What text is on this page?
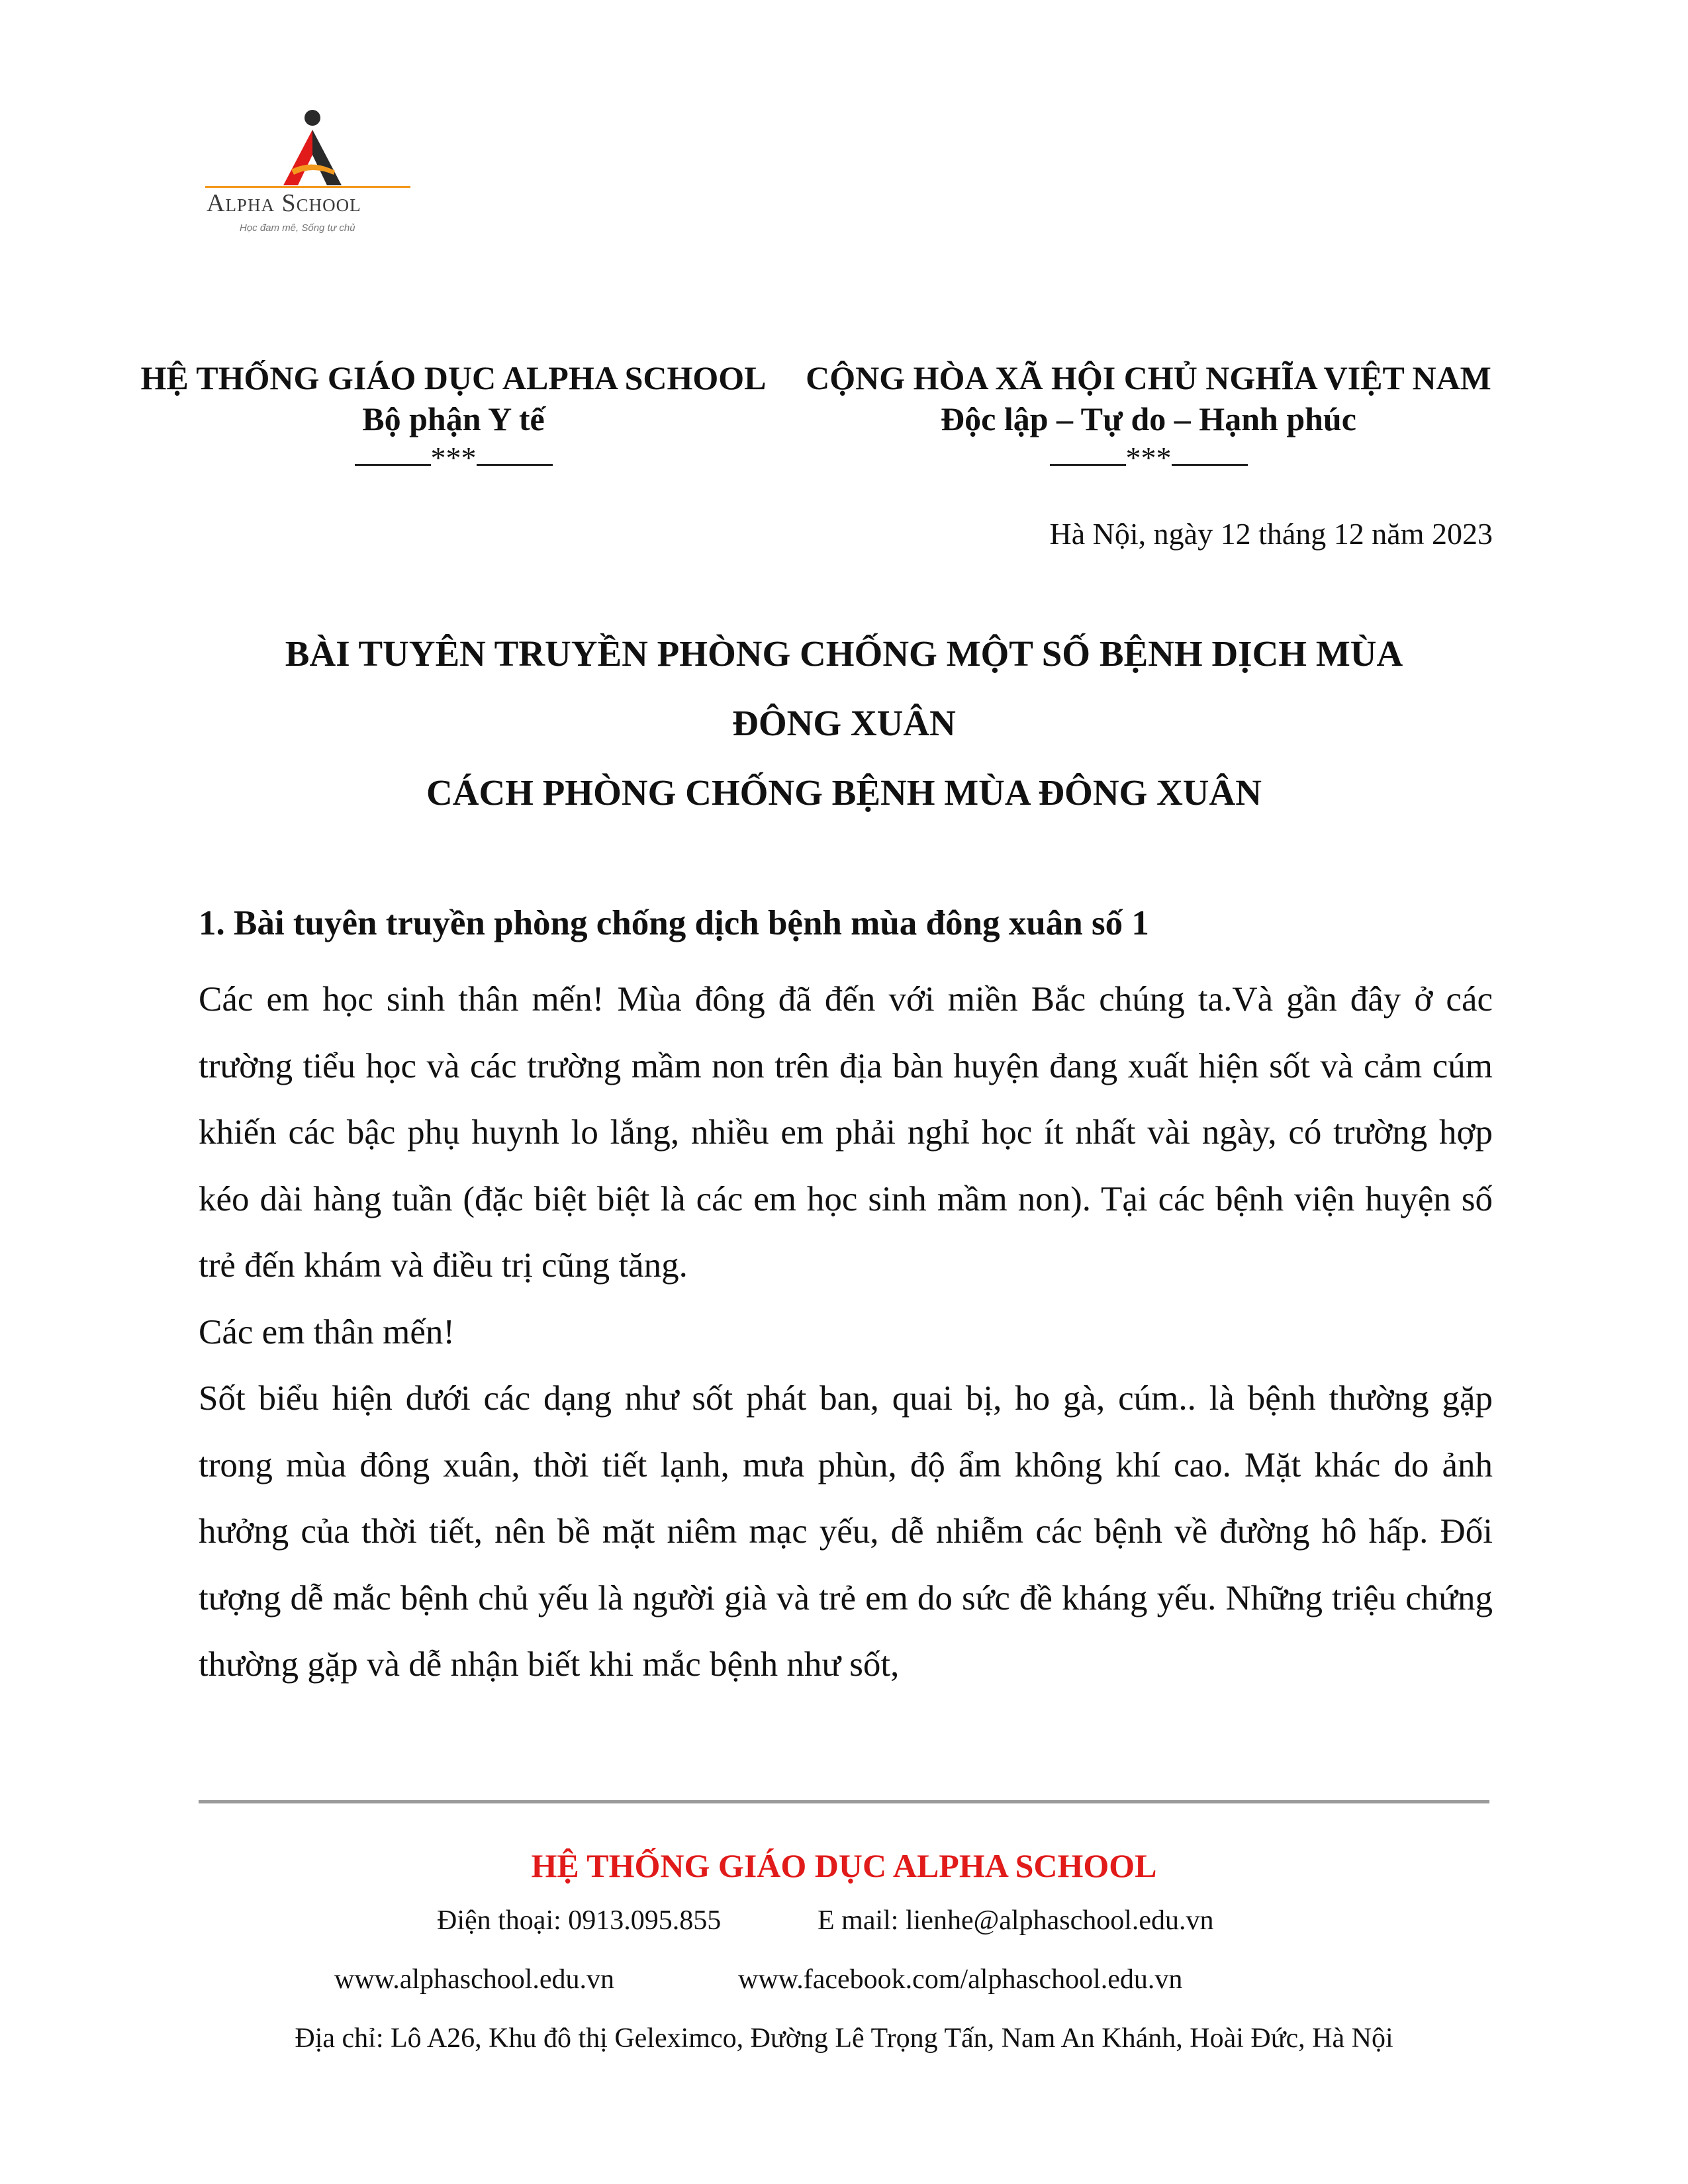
Alpha School
Học đam mê, Sống tự chủ
HỆ THỐNG GIÁO DỤC ALPHA SCHOOL
Bộ phận Y tế
***
CỘNG HÒA XÃ HỘI CHỦ NGHĨA VIỆT NAM
Độc lập – Tự do – Hạnh phúc
***
Hà Nội, ngày 12 tháng 12 năm 2023
BÀI TUYÊN TRUYỀN PHÒNG CHỐNG MỘT SỐ BỆNH DỊCH MÙA
ĐÔNG XUÂN
CÁCH PHÒNG CHỐNG BỆNH MÙA ĐÔNG XUÂN
1. Bài tuyên truyền phòng chống dịch bệnh mùa đông xuân số 1

Các em học sinh thân mến! Mùa đông đã đến với miền Bắc chúng ta.Và gần đây ở các trường tiểu học và các trường mầm non trên địa bàn huyện đang xuất hiện sốt và cảm cúm khiến các bậc phụ huynh lo lắng, nhiều em phải nghỉ học ít nhất vài ngày, có trường hợp kéo dài hàng tuần (đặc biệt biệt là các em học sinh mầm non). Tại các bệnh viện huyện số trẻ đến khám và điều trị cũng tăng.

Các em thân mến!

Sốt biểu hiện dưới các dạng như sốt phát ban, quai bị, ho gà, cúm.. là bệnh thường gặp trong mùa đông xuân, thời tiết lạnh, mưa phùn, độ ẩm không khí cao. Mặt khác do ảnh hưởng của thời tiết, nên bề mặt niêm mạc yếu, dễ nhiễm các bệnh về đường hô hấp. Đối tượng dễ mắc bệnh chủ yếu là người già và trẻ em do sức đề kháng yếu. Những triệu chứng thường gặp và dễ nhận biết khi mắc bệnh như sốt,

HỆ THỐNG GIÁO DỤC ALPHA SCHOOL
Điện thoại: 0913.095.855	E mail: lienhe@alphaschool.edu.vn
www.alphaschool.edu.vn	www.facebook.com/alphaschool.edu.vn
Địa chỉ: Lô A26, Khu đô thị Geleximco, Đường Lê Trọng Tấn, Nam An Khánh, Hoài Đức, Hà Nội
